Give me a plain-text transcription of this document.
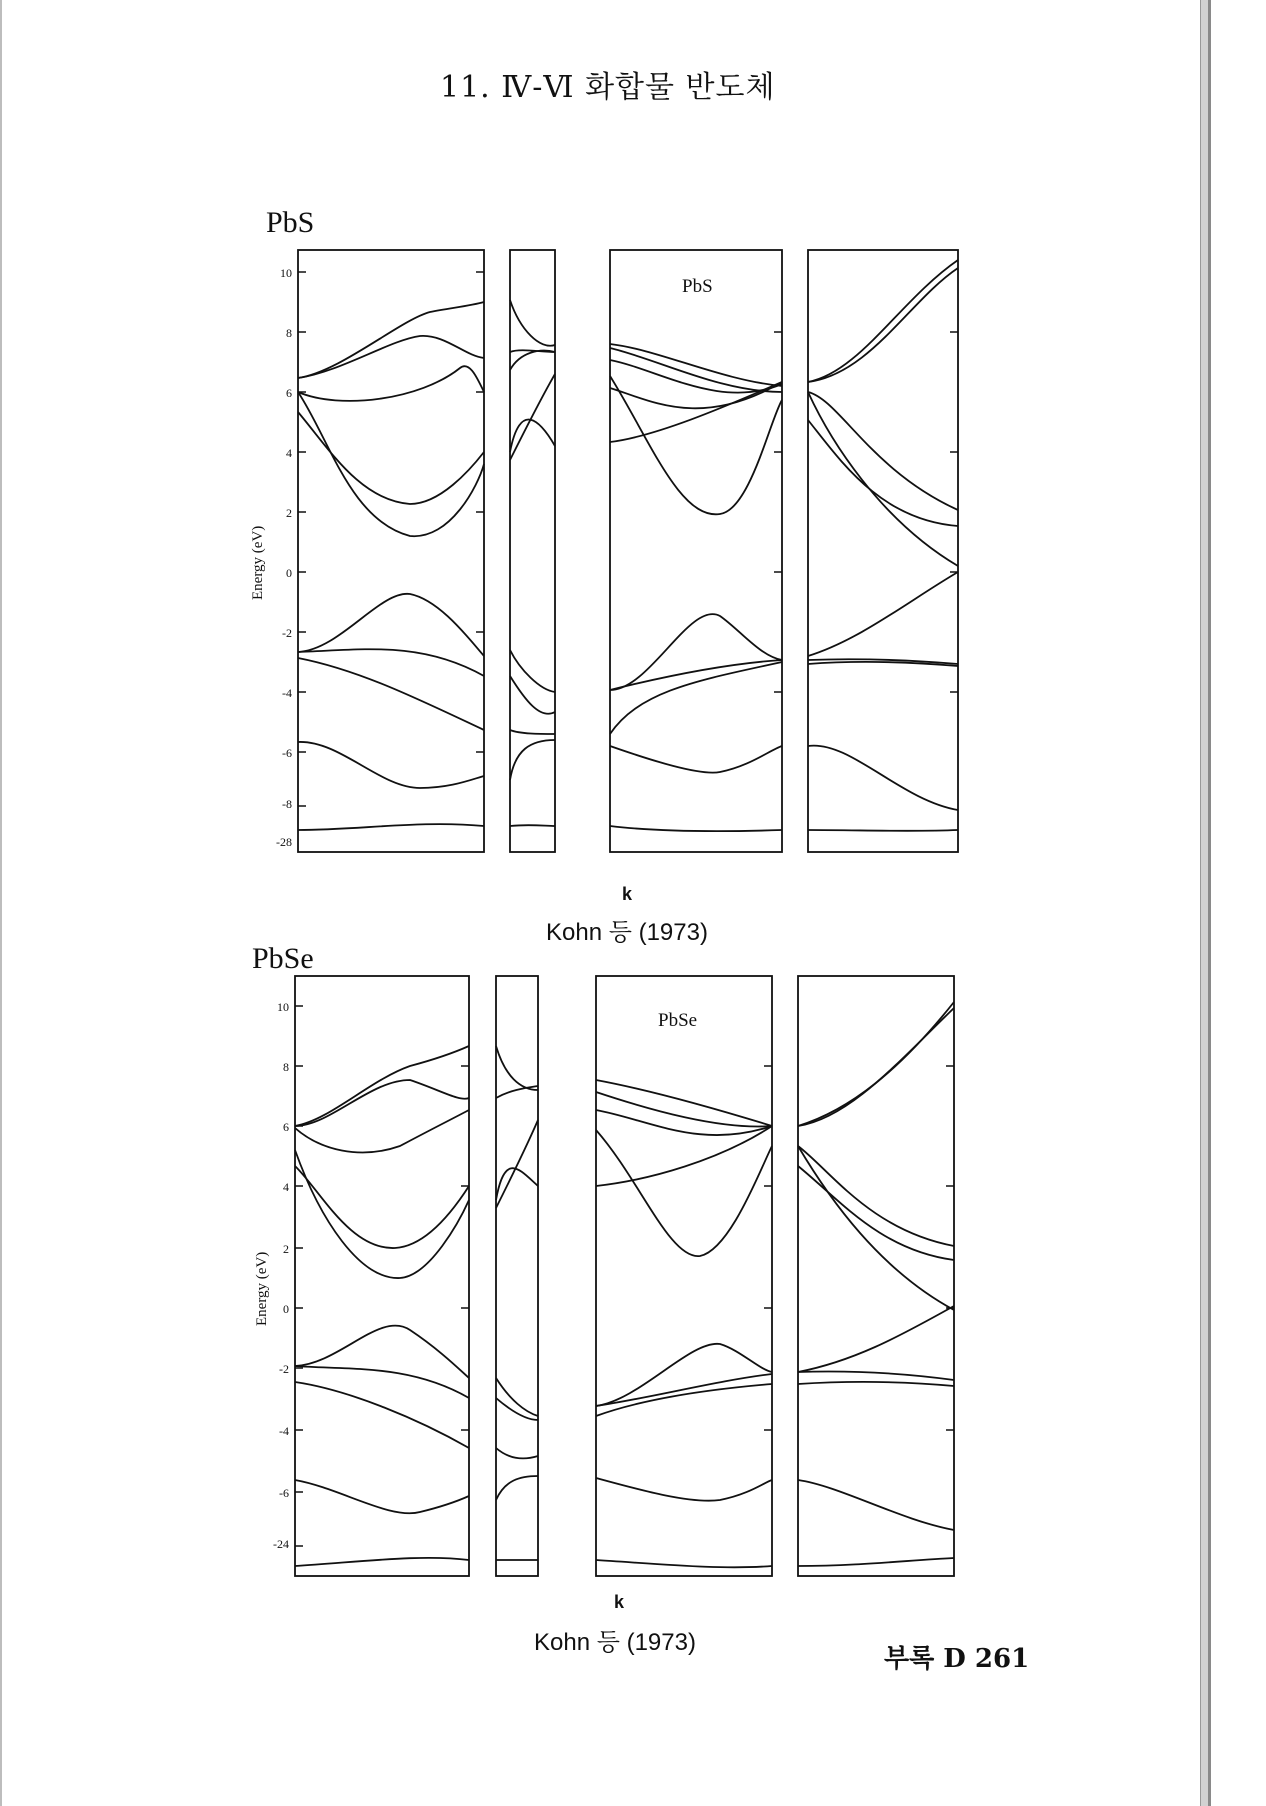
11. Ⅳ-Ⅵ 화합물 반도체
PbS
PbSe
Kohn 등 (1973)
Kohn 등 (1973)
부록 D 261
Energy (eV)
Energy (eV)
10
8
6
4
2
0
-2
-4
-6
-8
-28
10
8
6
4
2
0
-2
-4
-6
-24
PbS
PbSe
k
k
